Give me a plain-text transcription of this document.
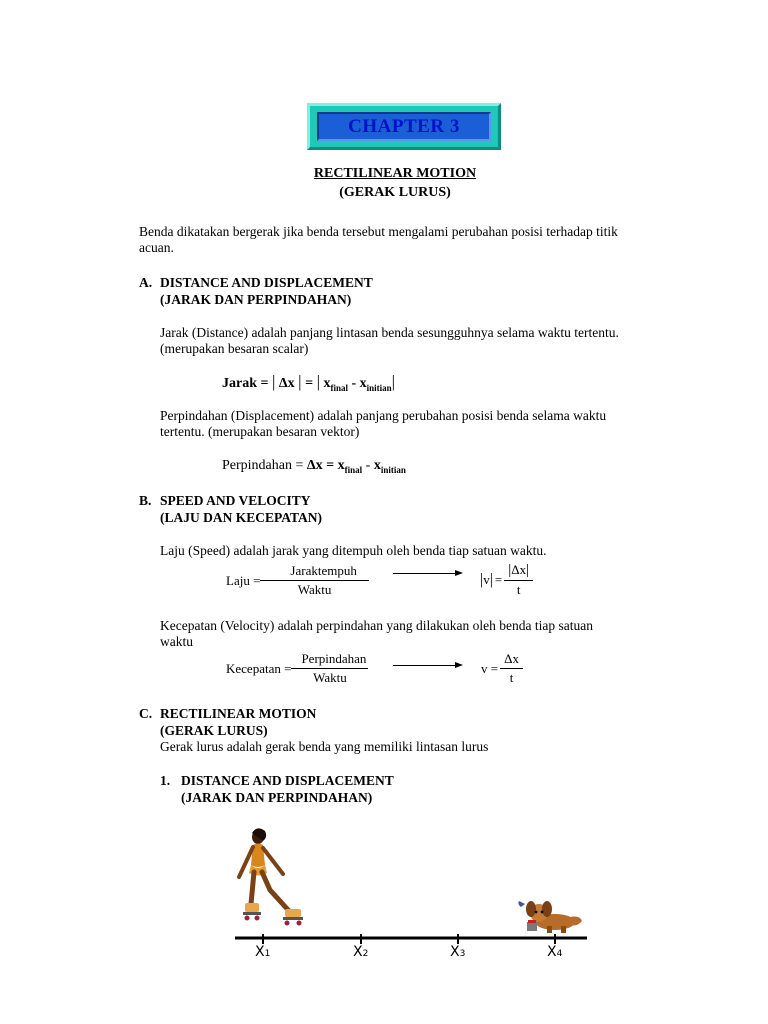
CHAPTER 3
RECTILINEAR MOTION
(GERAK LURUS)
Benda dikatakan bergerak jika benda tersebut mengalami perubahan posisi terhadap titik
acuan.
A. DISTANCE AND DISPLACEMENT
(JARAK DAN PERPINDAHAN)
Jarak (Distance) adalah panjang lintasan benda sesungguhnya selama waktu tertentu.
(merupakan besaran scalar)
Jarak = | Δx | = | $x_{final} - x_{initian}|$
Perpindahan (Displacement) adalah panjang perubahan posisi benda selama waktu
tertentu. (merupakan besaran vektor)
Perpindahan = $\Delta x = x_{final} - x_{initian}$
B. SPEED AND VELOCITY
(LAJU DAN KECEPATAN)
Laju (Speed) adalah jarak yang ditempuh oleh benda tiap satuan waktu.
Laju = $\frac{\text{Jaraktempuh}}{\text{Waktu}}$	| v | = $\frac{|\Delta x|}{t}$
Kecepatan (Velocity) adalah perpindahan yang dilakukan oleh benda tiap satuan
waktu
Kecepatan = $\frac{\text{Perpindahan}}{\text{Waktu}}$	$v = \frac{\Delta x}{t}$
C. RECTILINEAR MOTION
(GERAK LURUS)
Gerak lurus adalah gerak benda yang memiliki lintasan lurus
1. DISTANCE AND DISPLACEMENT
(JARAK DAN PERPINDAHAN)
X1	X2	X3	X4
